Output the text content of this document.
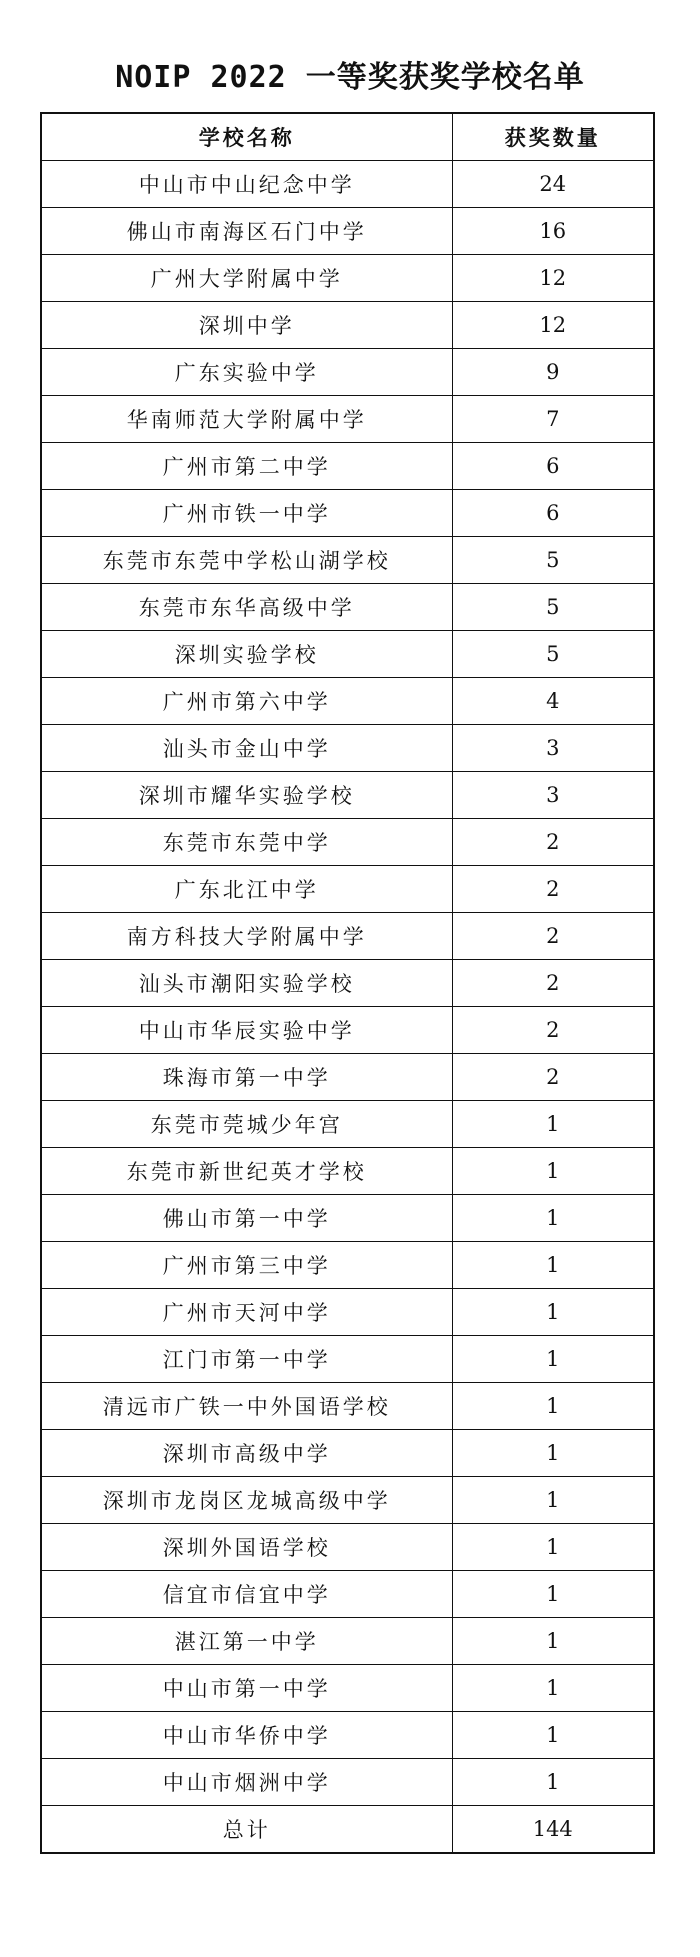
NOIP 2022 一等奖获奖学校名单
学校名称	获奖数量
中山市中山纪念中学	24
佛山市南海区石门中学	16
广州大学附属中学	12
深圳中学	12
广东实验中学	9
华南师范大学附属中学	7
广州市第二中学	6
广州市铁一中学	6
东莞市东莞中学松山湖学校	5
东莞市东华高级中学	5
深圳实验学校	5
广州市第六中学	4
汕头市金山中学	3
深圳市耀华实验学校	3
东莞市东莞中学	2
广东北江中学	2
南方科技大学附属中学	2
汕头市潮阳实验学校	2
中山市华辰实验中学	2
珠海市第一中学	2
东莞市莞城少年宫	1
东莞市新世纪英才学校	1
佛山市第一中学	1
广州市第三中学	1
广州市天河中学	1
江门市第一中学	1
清远市广铁一中外国语学校	1
深圳市高级中学	1
深圳市龙岗区龙城高级中学	1
深圳外国语学校	1
信宜市信宜中学	1
湛江第一中学	1
中山市第一中学	1
中山市华侨中学	1
中山市烟洲中学	1
总计	144
